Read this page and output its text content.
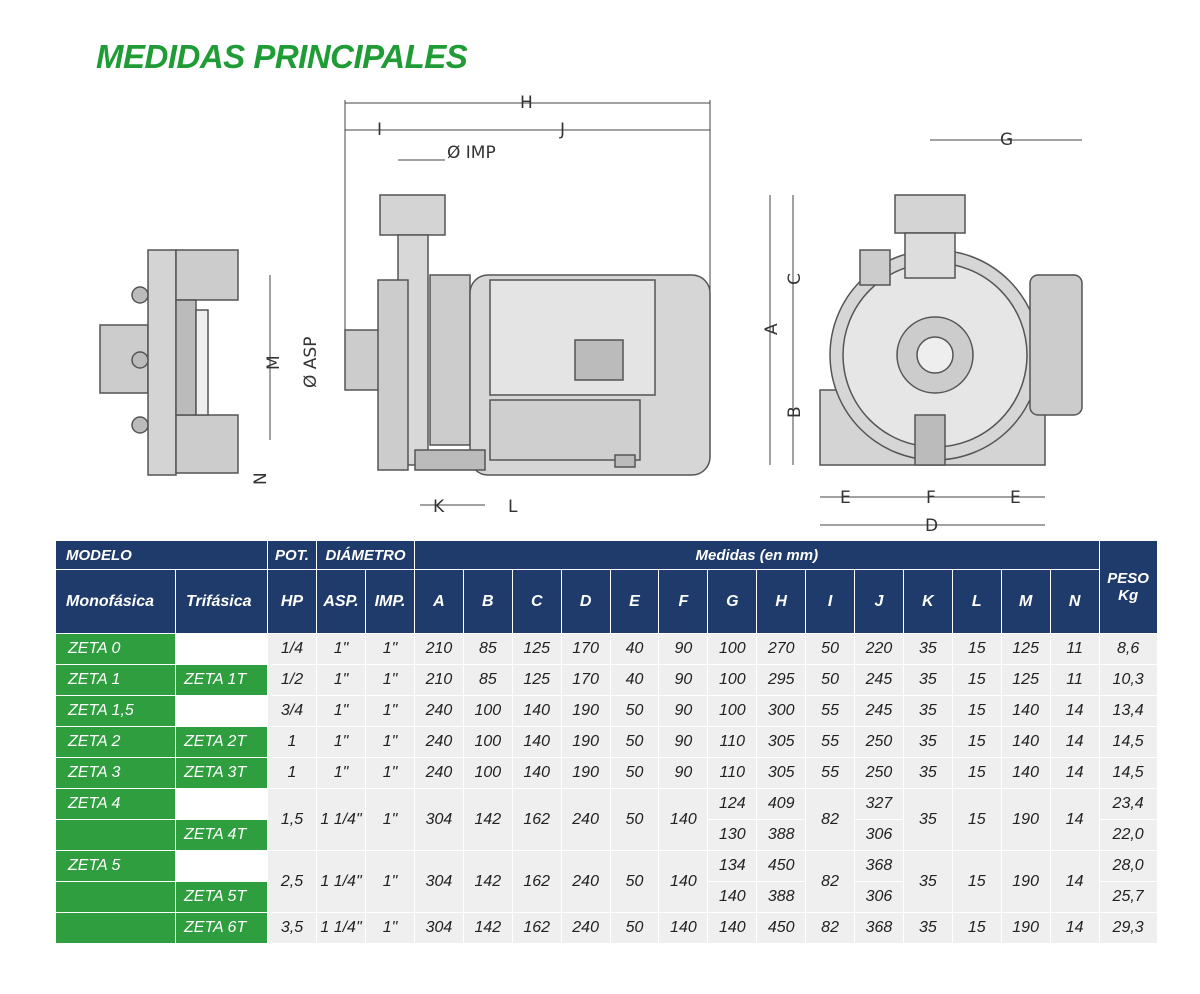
MEDIDAS PRINCIPALES
H
I	J
Ø IMP
Ø ASP
M
N
K	L
G
A
B
C
E	F	E
D
MODELO		POT.	DIÁMETRO		Medidas (en mm)														PESO Kg
Monofásica	Trifásica	HP	ASP.	IMP.	A	B	C	D	E	F	G	H	I	J	K	L	M	N	
ZETA 0		1/4	1"	1"	210	85	125	170	40	90	100	270	50	220	35	15	125	11	8,6
ZETA 1	ZETA 1T	1/2	1"	1"	210	85	125	170	40	90	100	295	50	245	35	15	125	11	10,3
ZETA 1,5		3/4	1"	1"	240	100	140	190	50	90	100	300	55	245	35	15	140	14	13,4
ZETA 2	ZETA 2T	1	1"	1"	240	100	140	190	50	90	110	305	55	250	35	15	140	14	14,5
ZETA 3	ZETA 3T	1	1"	1"	240	100	140	190	50	90	110	305	55	250	35	15	140	14	14,5
ZETA 4		1,5	1 1/4"	1"	304	142	162	240	50	140	124	409	82	327	35	15	190	14	23,4
	ZETA 4T										130	388		306					22,0
ZETA 5		2,5	1 1/4"	1"	304	142	162	240	50	140	134	450	82	368	35	15	190	14	28,0
	ZETA 5T										140	388		306					25,7
	ZETA 6T	3,5	1 1/4"	1"	304	142	162	240	50	140	140	450	82	368	35	15	190	14	29,3
